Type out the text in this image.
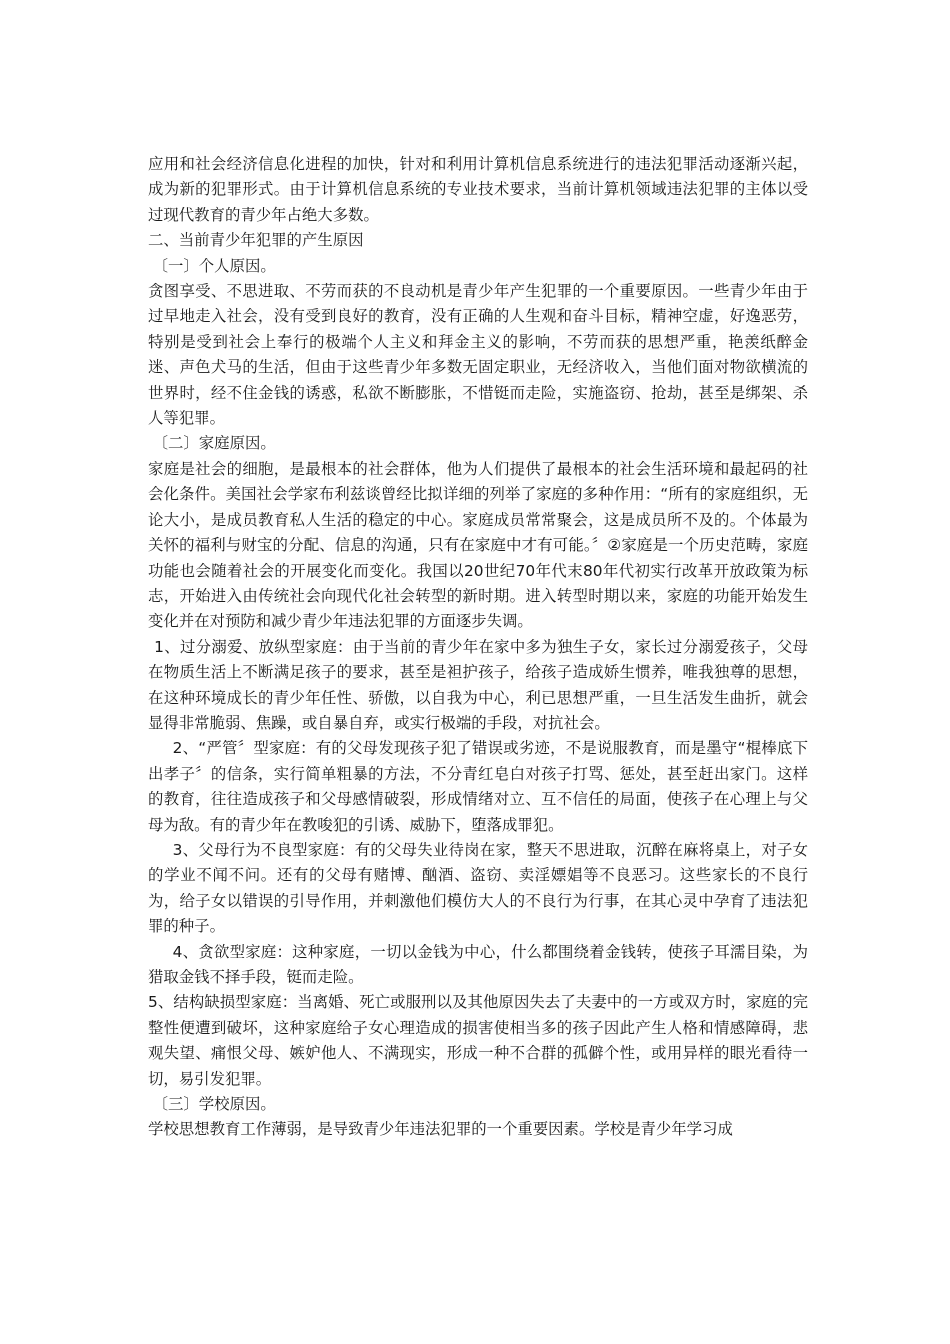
应用和社会经济信息化进程的加快，针对和利用计算机信息系统进行的违法犯罪活动逐渐兴起，成为新的犯罪形式。由于计算机信息系统的专业技术要求，当前计算机领域违法犯罪的主体以受过现代教育的青少年占绝大多数。

二、当前青少年犯罪的产生原因

〔一〕个人原因。

贪图享受、不思进取、不劳而获的不良动机是青少年产生犯罪的一个重要原因。一些青少年由于过早地走入社会，没有受到良好的教育，没有正确的人生观和奋斗目标，精神空虚，好逸恶劳，特别是受到社会上奉行的极端个人主义和拜金主义的影响，不劳而获的思想严重，艳羡纸醉金迷、声色犬马的生活，但由于这些青少年多数无固定职业，无经济收入，当他们面对物欲横流的世界时，经不住金钱的诱惑，私欲不断膨胀，不惜铤而走险，实施盗窃、抢劫，甚至是绑架、杀人等犯罪。

〔二〕家庭原因。

家庭是社会的细胞，是最根本的社会群体，他为人们提供了最根本的社会生活环境和最起码的社会化条件。美国社会学家布利兹谈曾经比拟详细的列举了家庭的多种作用：“所有的家庭组织，无论大小，是成员教育私人生活的稳定的中心。家庭成员常常聚会，这是成员所不及的。个体最为关怀的福利与财宝的分配、信息的沟通，只有在家庭中才有可能。〞②家庭是一个历史范畴，家庭功能也会随着社会的开展变化而变化。我国以20世纪70年代末80年代初实行改革开放政策为标志，开始进入由传统社会向现代化社会转型的新时期。进入转型时期以来，家庭的功能开始发生变化并在对预防和减少青少年违法犯罪的方面逐步失调。

1、过分溺爱、放纵型家庭：由于当前的青少年在家中多为独生子女，家长过分溺爱孩子，父母在物质生活上不断满足孩子的要求，甚至是袒护孩子，给孩子造成娇生惯养，唯我独尊的思想，在这种环境成长的青少年任性、骄傲，以自我为中心，利已思想严重，一旦生活发生曲折，就会显得非常脆弱、焦躁，或自暴自弃，或实行极端的手段，对抗社会。

2、“严管〞型家庭：有的父母发现孩子犯了错误或劣迹，不是说服教育，而是墨守“棍棒底下出孝子〞的信条，实行简单粗暴的方法，不分青红皂白对孩子打骂、惩处，甚至赶出家门。这样的教育，往往造成孩子和父母感情破裂，形成情绪对立、互不信任的局面，使孩子在心理上与父母为敌。有的青少年在教唆犯的引诱、威胁下，堕落成罪犯。

3、父母行为不良型家庭：有的父母失业待岗在家，整天不思进取，沉醉在麻将桌上，对子女的学业不闻不问。还有的父母有赌博、酗酒、盗窃、卖淫嫖娼等不良恶习。这些家长的不良行为，给子女以错误的引导作用，并刺激他们模仿大人的不良行为行事，在其心灵中孕育了违法犯罪的种子。

4、贪欲型家庭：这种家庭，一切以金钱为中心，什么都围绕着金钱转，使孩子耳濡目染，为猎取金钱不择手段，铤而走险。

5、结构缺损型家庭：当离婚、死亡或服刑以及其他原因失去了夫妻中的一方或双方时，家庭的完整性便遭到破坏，这种家庭给子女心理造成的损害使相当多的孩子因此产生人格和情感障碍，悲观失望、痛恨父母、嫉妒他人、不满现实，形成一种不合群的孤僻个性，或用异样的眼光看待一切，易引发犯罪。

〔三〕学校原因。

学校思想教育工作薄弱，是导致青少年违法犯罪的一个重要因素。学校是青少年学习成
